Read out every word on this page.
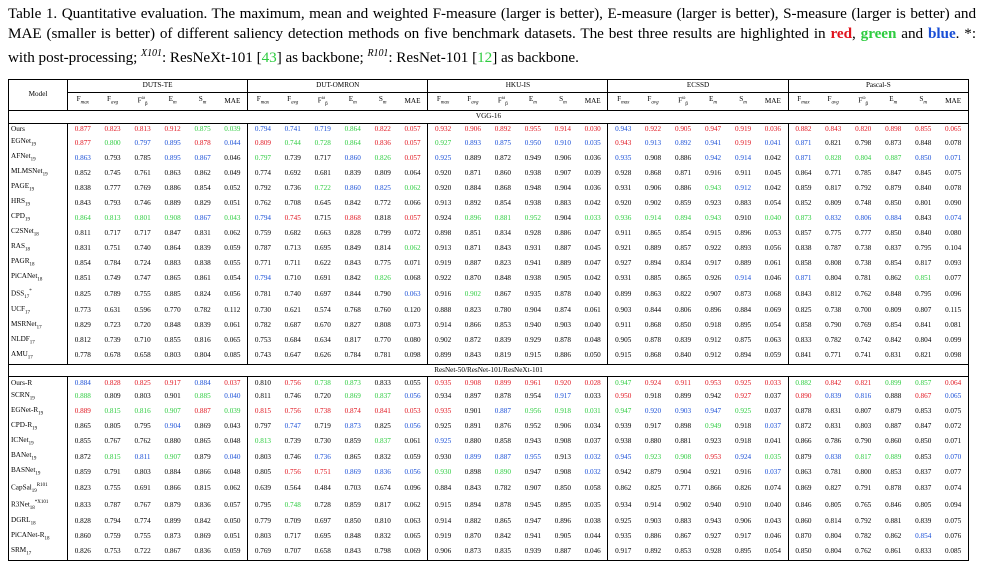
Table 1. Quantitative evaluation. The maximum, mean and weighted F-measure (larger is better), E-measure (larger is better), S-measure (larger is better) and MAE (smaller is better) of different saliency detection methods on five benchmark datasets. The best three results are highlighted in red, green and blue. *: with post-processing; $^{X101}$: ResNeXt-101 [43] as backbone; $^{R101}$: ResNet-101 [12] as backbone.
Model	DUTS-TE						DUT-OMRON						HKU-IS						ECSSD						Pascal-S					
	$F_{max}$	$F_{avg}$	$F^\omega_\beta$	$E_m$	$S_m$	MAE	$F_{max}$	$F_{avg}$	$F^\omega_\beta$	$E_m$	$S_m$	MAE	$F_{max}$	$F_{avg}$	$F^\omega_\beta$	$E_m$	$S_m$	MAE	$F_{max}$	$F_{avg}$	$F^\omega_\beta$	$E_m$	$S_m$	MAE	$F_{max}$	$F_{avg}$	$F^\omega_\beta$	$E_m$	$S_m$	MAE
VGG-16																														
Ours	0.877	0.823	0.813	0.912	0.875	0.039	0.794	0.741	0.719	0.864	0.822	0.057	0.932	0.906	0.892	0.955	0.914	0.030	0.943	0.922	0.905	0.947	0.919	0.036	0.882	0.843	0.820	0.898	0.855	0.065
EGNet$_{19}$	0.877	0.800	0.797	0.895	0.878	0.044	0.809	0.744	0.728	0.864	0.836	0.057	0.927	0.893	0.875	0.950	0.910	0.035	0.943	0.913	0.892	0.941	0.919	0.041	0.871	0.821	0.798	0.873	0.848	0.078
AFNet$_{19}$	0.863	0.793	0.785	0.895	0.867	0.046	0.797	0.739	0.717	0.860	0.826	0.057	0.925	0.889	0.872	0.949	0.906	0.036	0.935	0.908	0.886	0.942	0.914	0.042	0.871	0.828	0.804	0.887	0.850	0.071
MLMSNet$_{19}$	0.852	0.745	0.761	0.863	0.862	0.049	0.774	0.692	0.681	0.839	0.809	0.064	0.920	0.871	0.860	0.938	0.907	0.039	0.928	0.868	0.871	0.916	0.911	0.045	0.864	0.771	0.785	0.847	0.845	0.075
$PAGE_{19}$	0.838	0.777	0.769	0.886	0.854	0.052	0.792	0.736	0.722	0.860	0.825	0.062	0.920	0.884	0.868	0.948	0.904	0.036	0.931	0.906	0.886	0.943	0.912	0.042	0.859	0.817	0.792	0.879	0.840	0.078
$HRS_{19}$	0.843	0.793	0.746	0.889	0.829	0.051	0.762	0.708	0.645	0.842	0.772	0.066	0.913	0.892	0.854	0.938	0.883	0.042	0.920	0.902	0.859	0.923	0.883	0.054	0.852	0.809	0.748	0.850	0.801	0.090
$CPD_{19}$	0.864	0.813	0.801	0.908	0.867	0.043	0.794	0.745	0.715	0.868	0.818	0.057	0.924	0.896	0.881	0.952	0.904	0.033	0.936	0.914	0.894	0.943	0.910	0.040	0.873	0.832	0.806	0.884	0.843	0.074
C2SNet$_{18}$	0.811	0.717	0.717	0.847	0.831	0.062	0.759	0.682	0.663	0.828	0.799	0.072	0.898	0.851	0.834	0.928	0.886	0.047	0.911	0.865	0.854	0.915	0.896	0.053	0.857	0.775	0.777	0.850	0.840	0.080
$RAS_{18}$	0.831	0.751	0.740	0.864	0.839	0.059	0.787	0.713	0.695	0.849	0.814	0.062	0.913	0.871	0.843	0.931	0.887	0.045	0.921	0.889	0.857	0.922	0.893	0.056	0.838	0.787	0.738	0.837	0.795	0.104
$PAGR_{18}$	0.854	0.784	0.724	0.883	0.838	0.055	0.771	0.711	0.622	0.843	0.775	0.071	0.919	0.887	0.823	0.941	0.889	0.047	0.927	0.894	0.834	0.917	0.889	0.061	0.858	0.808	0.738	0.854	0.817	0.093
PiCANet$_{18}$	0.851	0.749	0.747	0.865	0.861	0.054	0.794	0.710	0.691	0.842	0.826	0.068	0.922	0.870	0.848	0.938	0.905	0.042	0.931	0.885	0.865	0.926	0.914	0.046	0.871	0.804	0.781	0.862	0.851	0.077
$DSS_{17}^*$	0.825	0.789	0.755	0.885	0.824	0.056	0.781	0.740	0.697	0.844	0.790	0.063	0.916	0.902	0.867	0.935	0.878	0.040	0.899	0.863	0.822	0.907	0.873	0.068	0.843	0.812	0.762	0.848	0.795	0.096
$UCF_{17}$	0.773	0.631	0.596	0.770	0.782	0.112	0.730	0.621	0.574	0.768	0.760	0.120	0.888	0.823	0.780	0.904	0.874	0.061	0.903	0.844	0.806	0.896	0.884	0.069	0.825	0.738	0.700	0.809	0.807	0.115
MSRNet$_{17}$	0.829	0.723	0.720	0.848	0.839	0.061	0.782	0.687	0.670	0.827	0.808	0.073	0.914	0.866	0.853	0.940	0.903	0.040	0.911	0.868	0.850	0.918	0.895	0.054	0.858	0.790	0.769	0.854	0.841	0.081
$NLDF_{17}$	0.812	0.739	0.710	0.855	0.816	0.065	0.753	0.684	0.634	0.817	0.770	0.080	0.902	0.872	0.839	0.929	0.878	0.048	0.905	0.878	0.839	0.912	0.875	0.063	0.833	0.782	0.742	0.842	0.804	0.099
$AMU_{17}$	0.778	0.678	0.658	0.803	0.804	0.085	0.743	0.647	0.626	0.784	0.781	0.098	0.899	0.843	0.819	0.915	0.886	0.050	0.915	0.868	0.840	0.912	0.894	0.059	0.841	0.771	0.741	0.831	0.821	0.098
ResNet-50/ResNet-101/ResNeXt-101																														
Ours-R	0.884	0.828	0.825	0.917	0.884	0.037	0.810	0.756	0.738	0.873	0.833	0.055	0.935	0.908	0.899	0.961	0.920	0.028	0.947	0.924	0.911	0.953	0.925	0.033	0.882	0.842	0.821	0.899	0.857	0.064
$SCRN_{19}$	0.888	0.809	0.803	0.901	0.885	0.040	0.811	0.746	0.720	0.869	0.837	0.056	0.934	0.897	0.878	0.954	0.917	0.033	0.950	0.918	0.899	0.942	0.927	0.037	0.890	0.839	0.816	0.888	0.867	0.065
EGNet-$R_{19}$	0.889	0.815	0.816	0.907	0.887	0.039	0.815	0.756	0.738	0.874	0.841	0.053	0.935	0.901	0.887	0.956	0.918	0.031	0.947	0.920	0.903	0.947	0.925	0.037	0.878	0.831	0.807	0.879	0.853	0.075
CPD-$R_{19}$	0.865	0.805	0.795	0.904	0.869	0.043	0.797	0.747	0.719	0.873	0.825	0.056	0.925	0.891	0.876	0.952	0.906	0.034	0.939	0.917	0.898	0.949	0.918	0.037	0.872	0.831	0.803	0.887	0.847	0.072
ICNet$_{19}$	0.855	0.767	0.762	0.880	0.865	0.048	0.813	0.739	0.730	0.859	0.837	0.061	0.925	0.880	0.858	0.943	0.908	0.037	0.938	0.880	0.881	0.923	0.918	0.041	0.866	0.786	0.790	0.860	0.850	0.071
BANet$_{19}$	0.872	0.815	0.811	0.907	0.879	0.040	0.803	0.746	0.736	0.865	0.832	0.059	0.930	0.899	0.887	0.955	0.913	0.032	0.945	0.923	0.908	0.953	0.924	0.035	0.879	0.838	0.817	0.889	0.853	0.070
BASNet$_{19}$	0.859	0.791	0.803	0.884	0.866	0.048	0.805	0.756	0.751	0.869	0.836	0.056	0.930	0.898	0.890	0.947	0.908	0.032	0.942	0.879	0.904	0.921	0.916	0.037	0.863	0.781	0.800	0.853	0.837	0.077
CapSal$_{19}^{R101}$	0.823	0.755	0.691	0.866	0.815	0.062	0.639	0.564	0.484	0.703	0.674	0.096	0.884	0.843	0.782	0.907	0.850	0.058	0.862	0.825	0.771	0.866	0.826	0.074	0.869	0.827	0.791	0.878	0.837	0.074
R3Net$_{18}^{*X101}$	0.833	0.787	0.767	0.879	0.836	0.057	0.795	0.748	0.728	0.859	0.817	0.062	0.915	0.894	0.878	0.945	0.895	0.035	0.934	0.914	0.902	0.940	0.910	0.040	0.846	0.805	0.765	0.846	0.805	0.094
$DGRL_{18}$	0.828	0.794	0.774	0.899	0.842	0.050	0.779	0.709	0.697	0.850	0.810	0.063	0.914	0.882	0.865	0.947	0.896	0.038	0.925	0.903	0.883	0.943	0.906	0.043	0.860	0.814	0.792	0.881	0.839	0.075
PiCANet-$R_{18}$	0.860	0.759	0.755	0.873	0.869	0.051	0.803	0.717	0.695	0.848	0.832	0.065	0.919	0.870	0.842	0.941	0.905	0.044	0.935	0.886	0.867	0.927	0.917	0.046	0.870	0.804	0.782	0.862	0.854	0.076
$SRM_{17}$	0.826	0.753	0.722	0.867	0.836	0.059	0.769	0.707	0.658	0.843	0.798	0.069	0.906	0.873	0.835	0.939	0.887	0.046	0.917	0.892	0.853	0.928	0.895	0.054	0.850	0.804	0.762	0.861	0.833	0.085
